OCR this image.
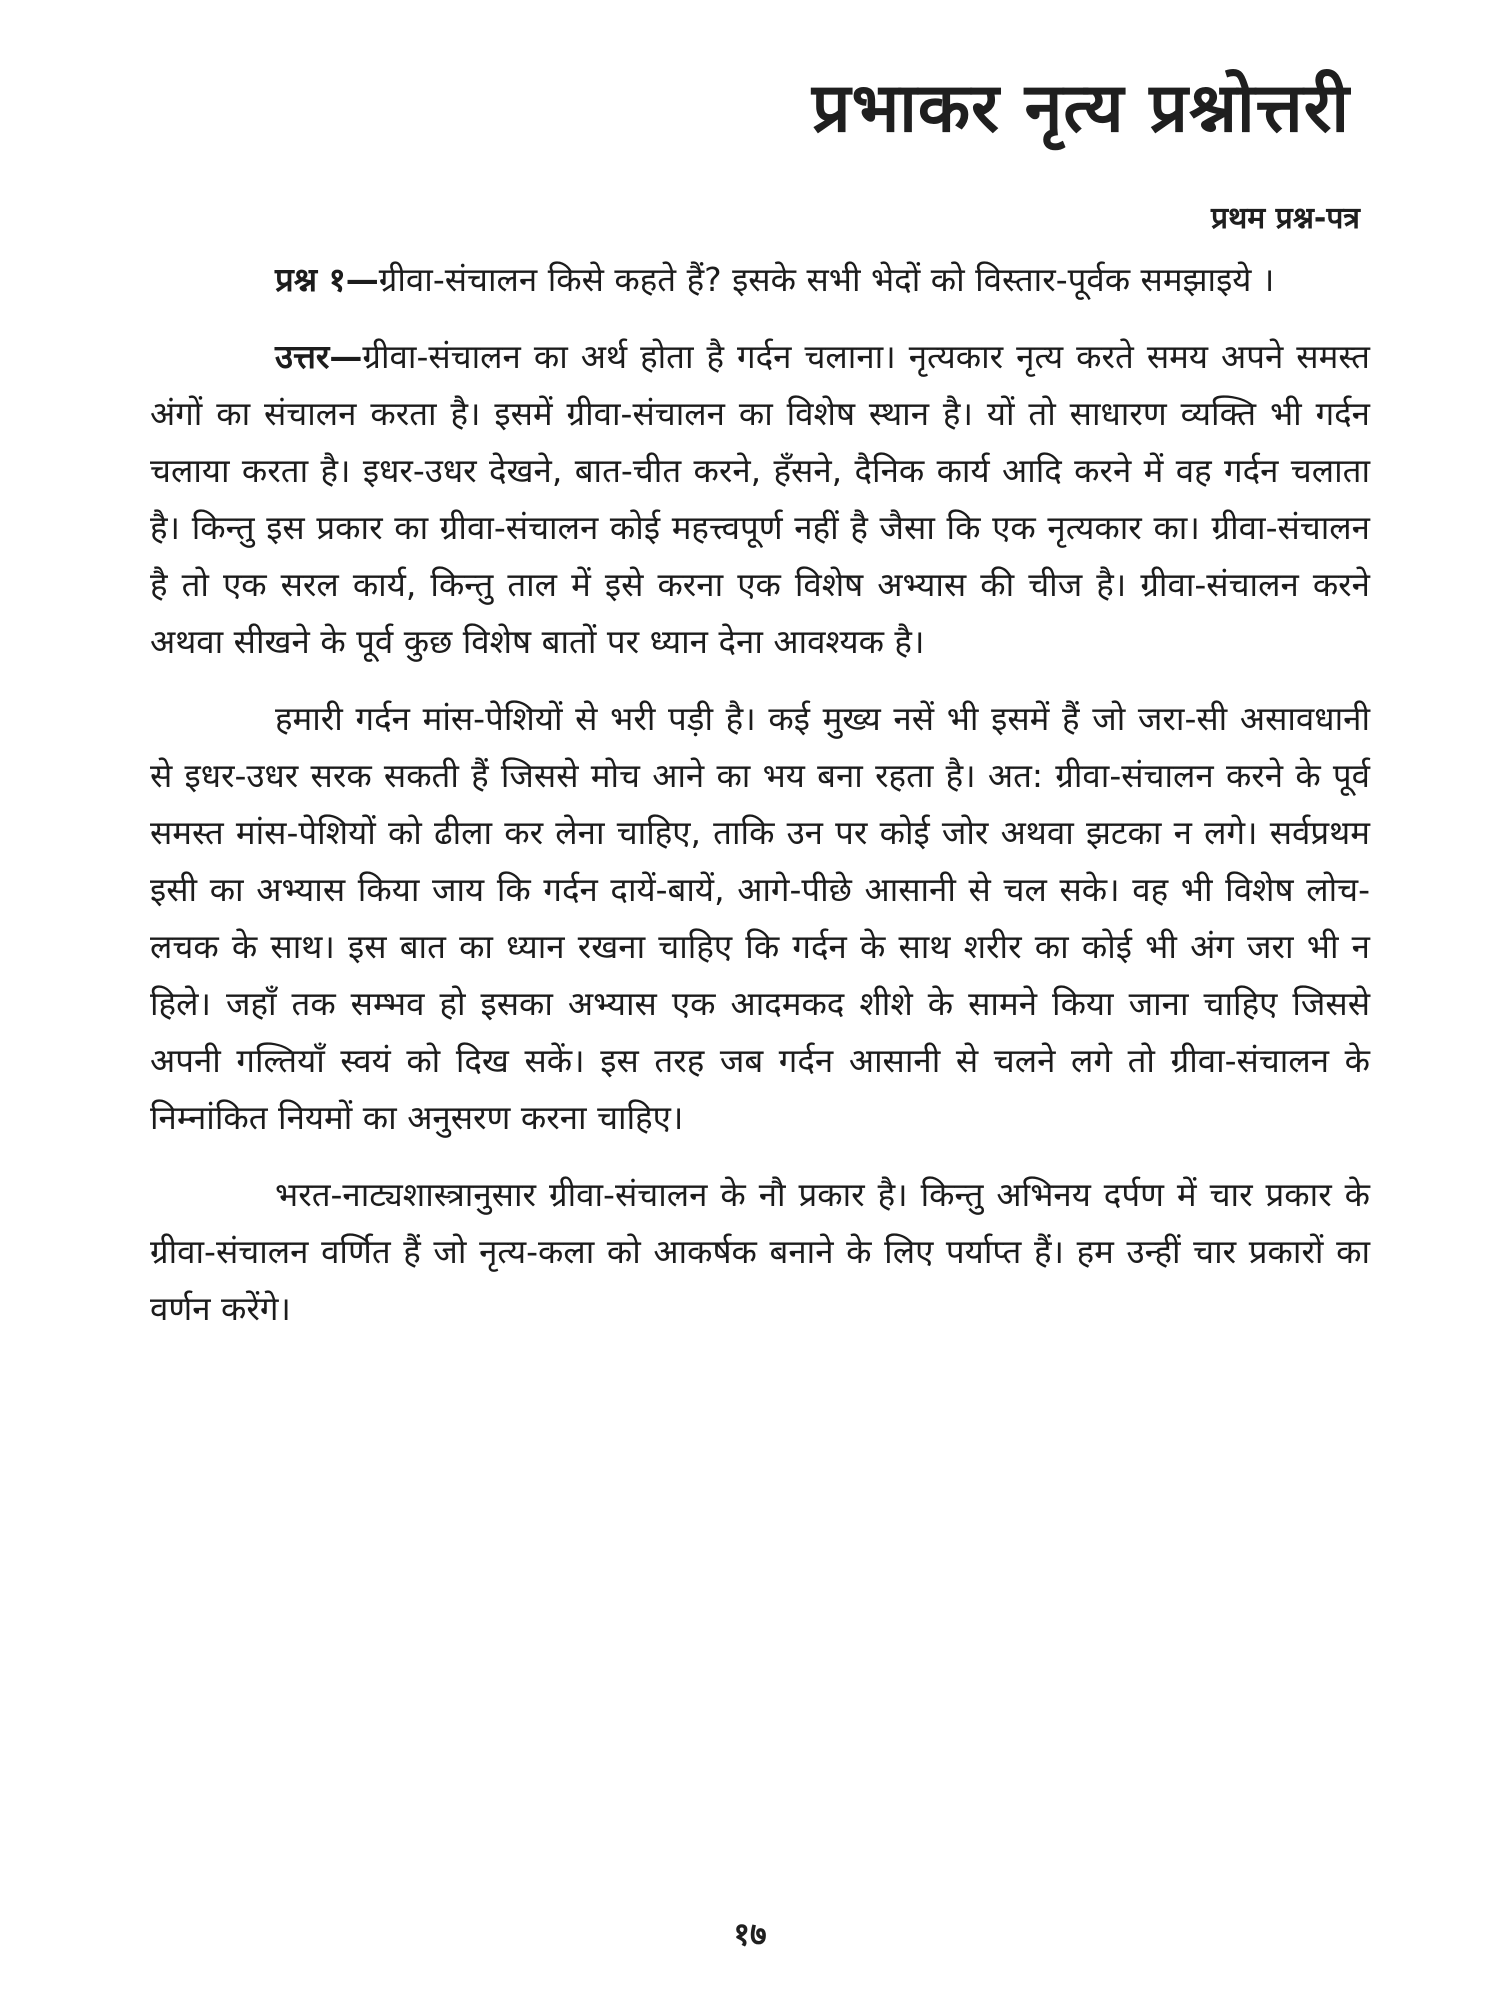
प्रभाकर नृत्य प्रश्नोत्तरी
प्रथम प्रश्न-पत्र

प्रश्न १—ग्रीवा-संचालन किसे कहते हैं? इसके सभी भेदों को विस्तार-पूर्वक समझाइये ।

उत्तर—ग्रीवा-संचालन का अर्थ होता है गर्दन चलाना। नृत्यकार नृत्य करते समय अपने समस्त अंगों का संचालन करता है। इसमें ग्रीवा-संचालन का विशेष स्थान है। यों तो साधारण व्यक्ति भी गर्दन चलाया करता है। इधर-उधर देखने, बात-चीत करने, हँसने, दैनिक कार्य आदि करने में वह गर्दन चलाता है। किन्तु इस प्रकार का ग्रीवा-संचालन कोई महत्त्वपूर्ण नहीं है जैसा कि एक नृत्यकार का। ग्रीवा-संचालन है तो एक सरल कार्य, किन्तु ताल में इसे करना एक विशेष अभ्यास की चीज है। ग्रीवा-संचालन करने अथवा सीखने के पूर्व कुछ विशेष बातों पर ध्यान देना आवश्यक है।

हमारी गर्दन मांस-पेशियों से भरी पड़ी है। कई मुख्य नसें भी इसमें हैं जो जरा-सी असावधानी से इधर-उधर सरक सकती हैं जिससे मोच आने का भय बना रहता है। अत: ग्रीवा-संचालन करने के पूर्व समस्त मांस-पेशियों को ढीला कर लेना चाहिए, ताकि उन पर कोई जोर अथवा झटका न लगे। सर्वप्रथम इसी का अभ्यास किया जाय कि गर्दन दायें-बायें, आगे-पीछे आसानी से चल सके। वह भी विशेष लोच-लचक के साथ। इस बात का ध्यान रखना चाहिए कि गर्दन के साथ शरीर का कोई भी अंग जरा भी न हिले। जहाँ तक सम्भव हो इसका अभ्यास एक आदमकद शीशे के सामने किया जाना चाहिए जिससे अपनी गल्तियाँ स्वयं को दिख सकें। इस तरह जब गर्दन आसानी से चलने लगे तो ग्रीवा-संचालन के निम्नांकित नियमों का अनुसरण करना चाहिए।

भरत-नाट्यशास्त्रानुसार ग्रीवा-संचालन के नौ प्रकार है। किन्तु अभिनय दर्पण में चार प्रकार के ग्रीवा-संचालन वर्णित हैं जो नृत्य-कला को आकर्षक बनाने के लिए पर्याप्त हैं। हम उन्हीं चार प्रकारों का वर्णन करेंगे।

१७
